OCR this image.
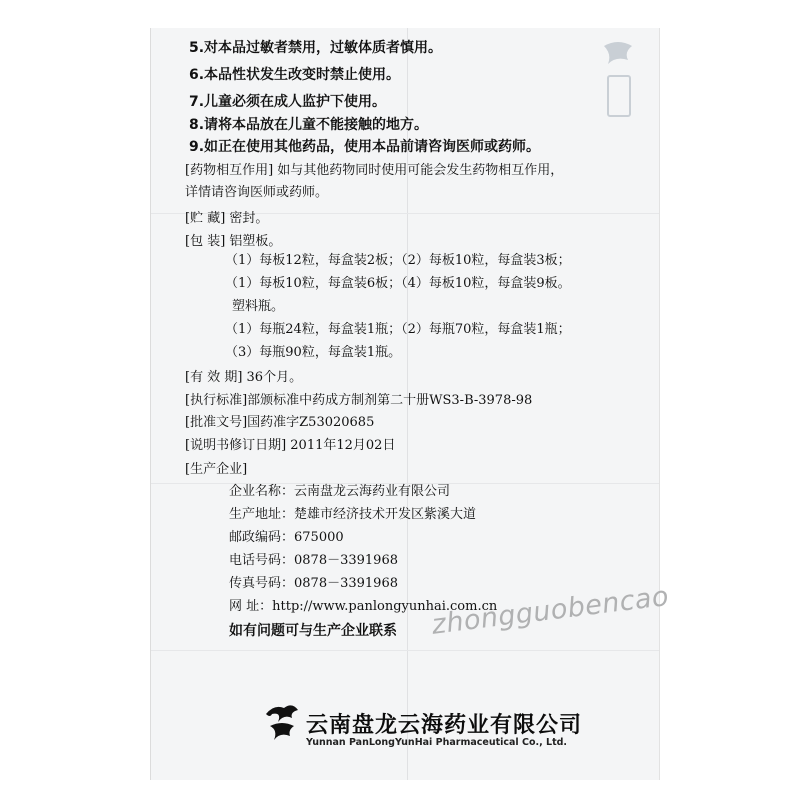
5.对本品过敏者禁用，过敏体质者慎用。
6.本品性状发生改变时禁止使用。
7.儿童必须在成人监护下使用。
8.请将本品放在儿童不能接触的地方。
9.如正在使用其他药品，使用本品前请咨询医师或药师。
[药物相互作用] 如与其他药物同时使用可能会发生药物相互作用，
详情请咨询医师或药师。
[贮 藏] 密封。
[包 装] 铝塑板。
（1）每板12粒，每盒装2板；（2）每板10粒，每盒装3板；
（1）每板10粒，每盒装6板；（4）每板10粒，每盒装9板。
塑料瓶。
（1）每瓶24粒，每盒装1瓶；（2）每瓶70粒，每盒装1瓶；
（3）每瓶90粒，每盒装1瓶。
[有 效 期] 36个月。
[执行标准]部颁标准中药成方制剂第二十册WS3-B-3978-98
[批准文号]国药准字Z53020685
[说明书修订日期] 2011年12月02日
[生产企业]
企业名称：云南盘龙云海药业有限公司
生产地址：楚雄市经济技术开发区紫溪大道
邮政编码：675000
电话号码：0878－3391968
传真号码：0878－3391968
网 址：http://www.panlongyunhai.com.cn
如有问题可与生产企业联系 zhongguobencao
云南盘龙云海药业有限公司
Yunnan PanLongYunHai Pharmaceutical Co., Ltd.
